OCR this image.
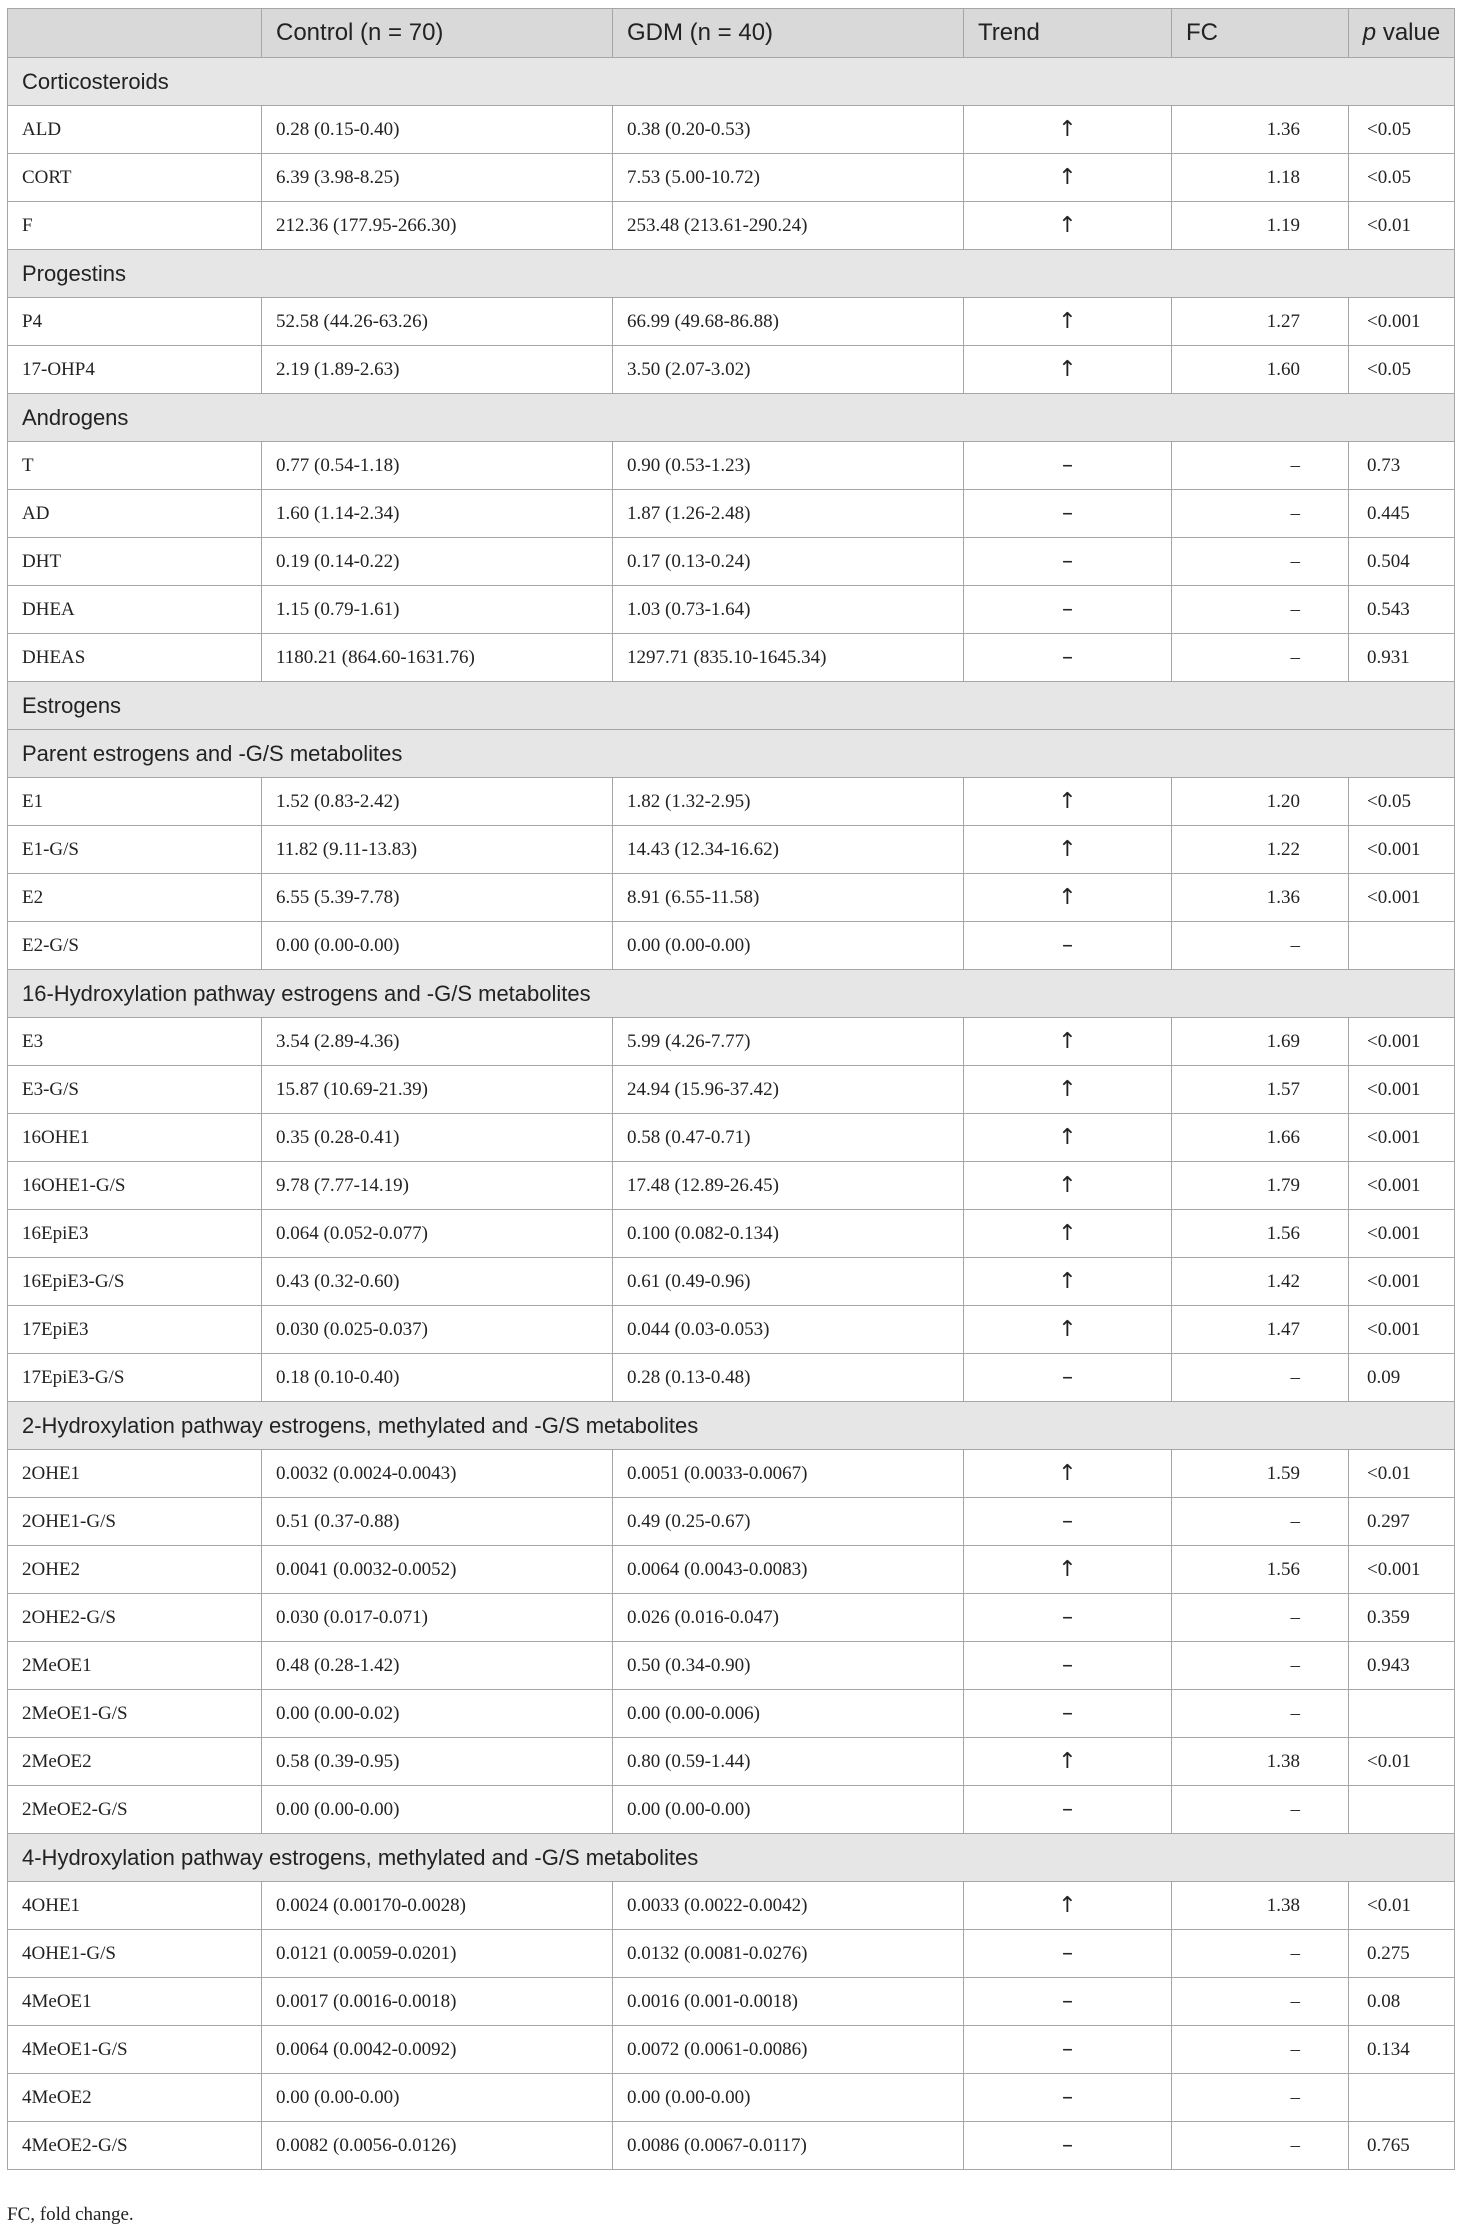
	Control (n = 70)	GDM (n = 40)	Trend	FC	p value
Corticosteroids					
ALD	0.28 (0.15-0.40)	0.38 (0.20-0.53)	↑	1.36	<0.05
CORT	6.39 (3.98-8.25)	7.53 (5.00-10.72)	↑	1.18	<0.05
F	212.36 (177.95-266.30)	253.48 (213.61-290.24)	↑	1.19	<0.01
Progestins					
P4	52.58 (44.26-63.26)	66.99 (49.68-86.88)	↑	1.27	<0.001
17-OHP4	2.19 (1.89-2.63)	3.50 (2.07-3.02)	↑	1.60	<0.05
Androgens					
T	0.77 (0.54-1.18)	0.90 (0.53-1.23)	–	–	0.73
AD	1.60 (1.14-2.34)	1.87 (1.26-2.48)	–	–	0.445
DHT	0.19 (0.14-0.22)	0.17 (0.13-0.24)	–	–	0.504
DHEA	1.15 (0.79-1.61)	1.03 (0.73-1.64)	–	–	0.543
DHEAS	1180.21 (864.60-1631.76)	1297.71 (835.10-1645.34)	–	–	0.931
Estrogens					
Parent estrogens and -G/S metabolites					
E1	1.52 (0.83-2.42)	1.82 (1.32-2.95)	↑	1.20	<0.05
E1-G/S	11.82 (9.11-13.83)	14.43 (12.34-16.62)	↑	1.22	<0.001
E2	6.55 (5.39-7.78)	8.91 (6.55-11.58)	↑	1.36	<0.001
E2-G/S	0.00 (0.00-0.00)	0.00 (0.00-0.00)	–	–	
16-Hydroxylation pathway estrogens and -G/S metabolites					
E3	3.54 (2.89-4.36)	5.99 (4.26-7.77)	↑	1.69	<0.001
E3-G/S	15.87 (10.69-21.39)	24.94 (15.96-37.42)	↑	1.57	<0.001
16OHE1	0.35 (0.28-0.41)	0.58 (0.47-0.71)	↑	1.66	<0.001
16OHE1-G/S	9.78 (7.77-14.19)	17.48 (12.89-26.45)	↑	1.79	<0.001
16EpiE3	0.064 (0.052-0.077)	0.100 (0.082-0.134)	↑	1.56	<0.001
16EpiE3-G/S	0.43 (0.32-0.60)	0.61 (0.49-0.96)	↑	1.42	<0.001
17EpiE3	0.030 (0.025-0.037)	0.044 (0.03-0.053)	↑	1.47	<0.001
17EpiE3-G/S	0.18 (0.10-0.40)	0.28 (0.13-0.48)	–	–	0.09
2-Hydroxylation pathway estrogens, methylated and -G/S metabolites					
2OHE1	0.0032 (0.0024-0.0043)	0.0051 (0.0033-0.0067)	↑	1.59	<0.01
2OHE1-G/S	0.51 (0.37-0.88)	0.49 (0.25-0.67)	–	–	0.297
2OHE2	0.0041 (0.0032-0.0052)	0.0064 (0.0043-0.0083)	↑	1.56	<0.001
2OHE2-G/S	0.030 (0.017-0.071)	0.026 (0.016-0.047)	–	–	0.359
2MeOE1	0.48 (0.28-1.42)	0.50 (0.34-0.90)	–	–	0.943
2MeOE1-G/S	0.00 (0.00-0.02)	0.00 (0.00-0.006)	–	–	
2MeOE2	0.58 (0.39-0.95)	0.80 (0.59-1.44)	↑	1.38	<0.01
2MeOE2-G/S	0.00 (0.00-0.00)	0.00 (0.00-0.00)	–	–	
4-Hydroxylation pathway estrogens, methylated and -G/S metabolites					
4OHE1	0.0024 (0.00170-0.0028)	0.0033 (0.0022-0.0042)	↑	1.38	<0.01
4OHE1-G/S	0.0121 (0.0059-0.0201)	0.0132 (0.0081-0.0276)	–	–	0.275
4MeOE1	0.0017 (0.0016-0.0018)	0.0016 (0.001-0.0018)	–	–	0.08
4MeOE1-G/S	0.0064 (0.0042-0.0092)	0.0072 (0.0061-0.0086)	–	–	0.134
4MeOE2	0.00 (0.00-0.00)	0.00 (0.00-0.00)	–	–	
4MeOE2-G/S	0.0082 (0.0056-0.0126)	0.0086 (0.0067-0.0117)	–	–	0.765
FC, fold change.
